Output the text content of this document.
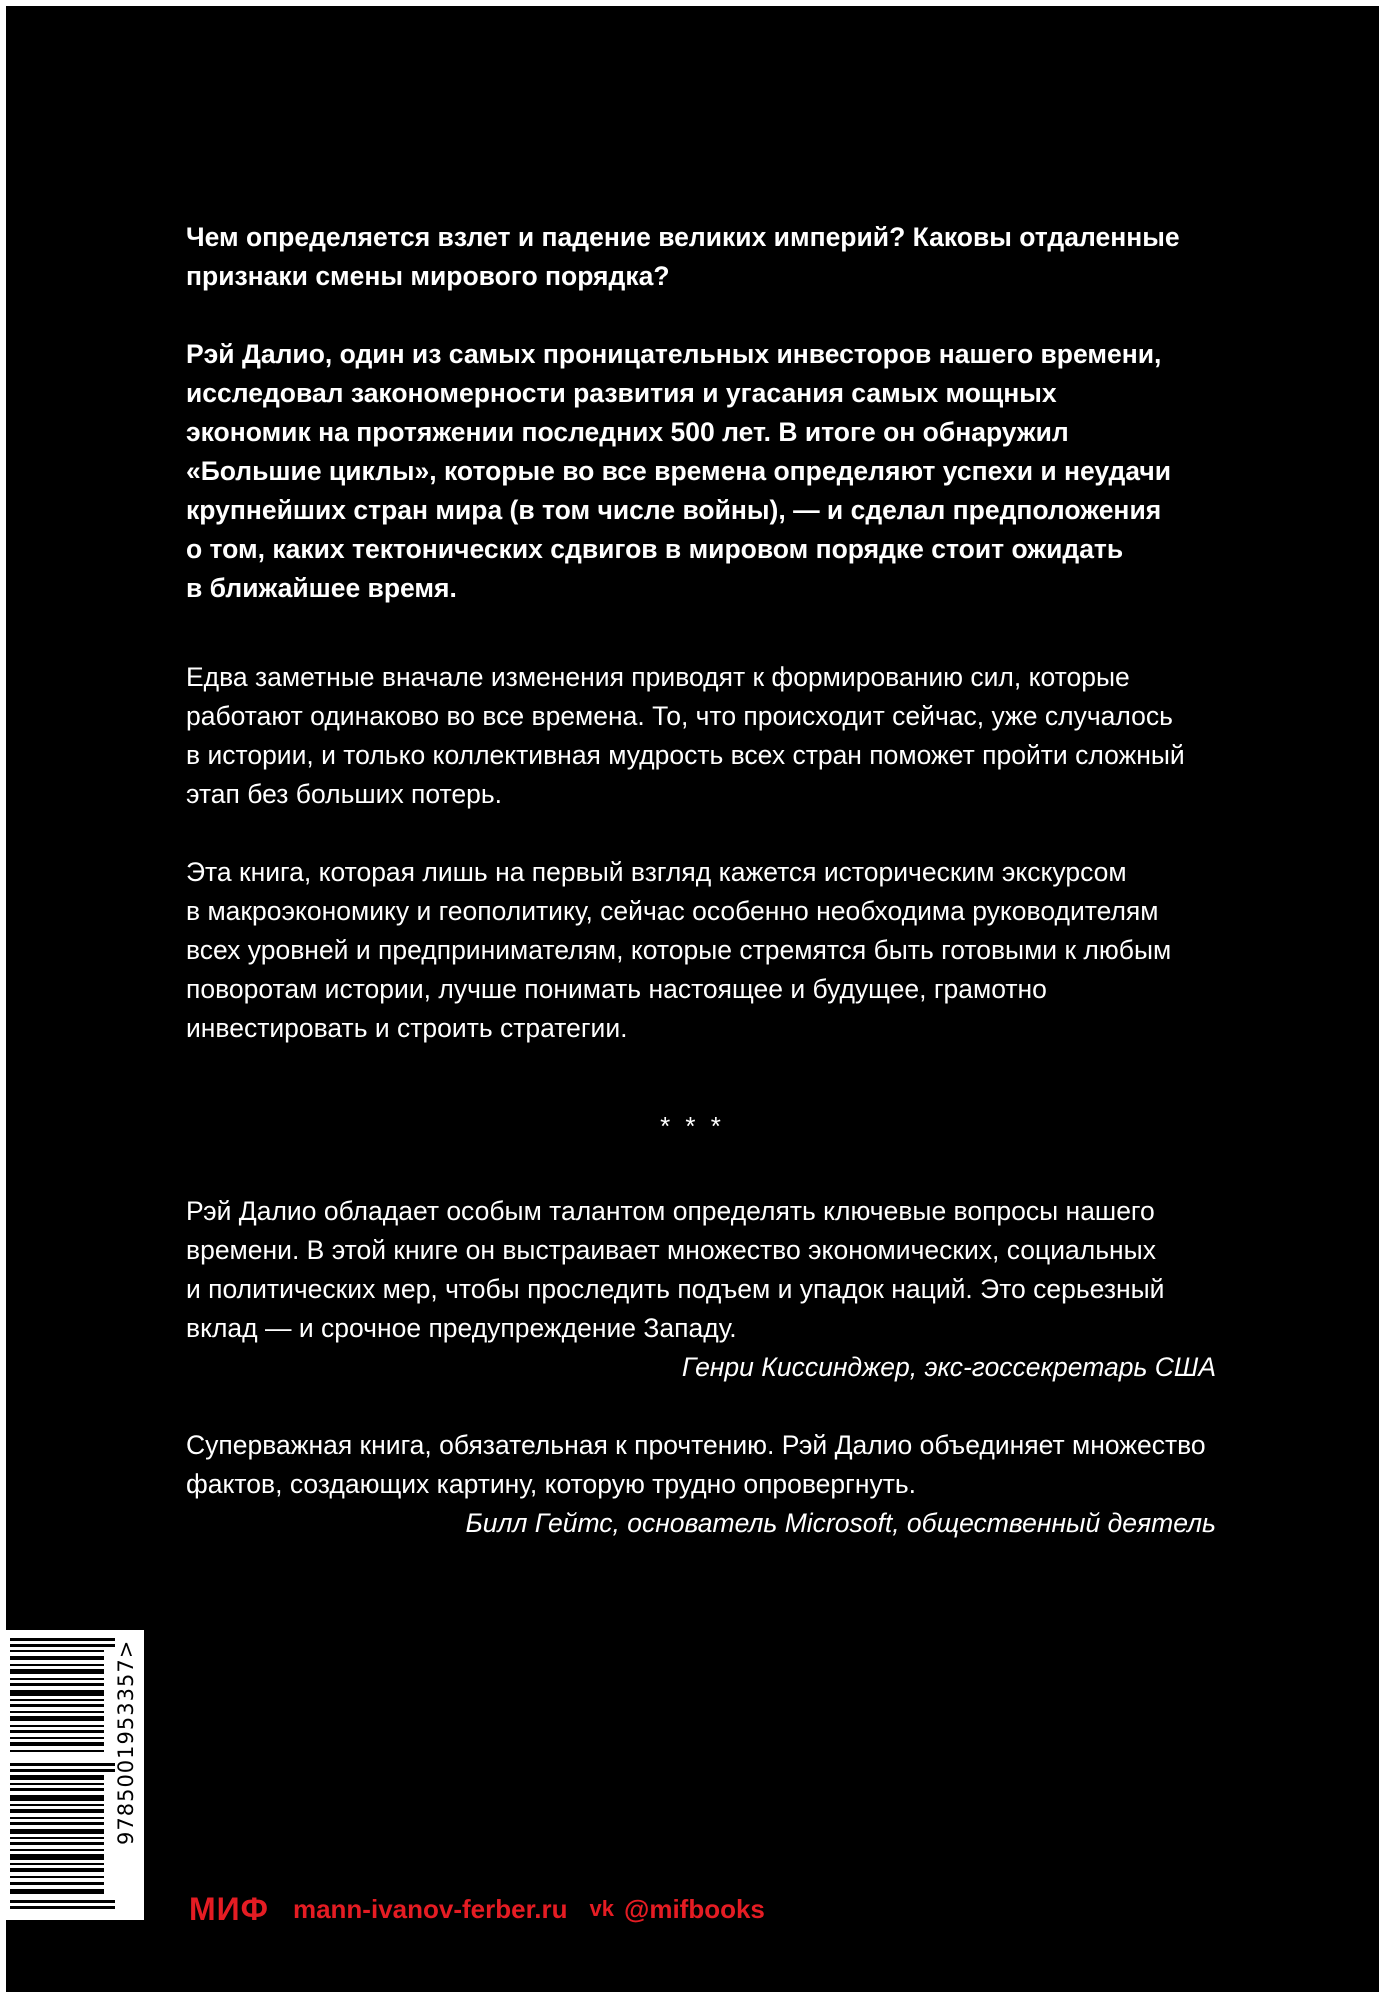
Чем определяется взлет и падение великих империй? Каковы отдаленные
признаки смены мирового порядка?

Рэй Далио, один из самых проницательных инвесторов нашего времени,
исследовал закономерности развития и угасания самых мощных
экономик на протяжении последних 500 лет. В итоге он обнаружил
«Большие циклы», которые во все времена определяют успехи и неудачи
крупнейших стран мира (в том числе войны), — и сделал предположения
о том, каких тектонических сдвигов в мировом порядке стоит ожидать
в ближайшее время.

Едва заметные вначале изменения приводят к формированию сил, которые
работают одинаково во все времена. То, что происходит сейчас, уже случалось
в истории, и только коллективная мудрость всех стран поможет пройти сложный
этап без больших потерь.

Эта книга, которая лишь на первый взгляд кажется историческим экскурсом
в макроэкономику и геополитику, сейчас особенно необходима руководителям
всех уровней и предпринимателям, которые стремятся быть готовыми к любым
поворотам истории, лучше понимать настоящее и будущее, грамотно
инвестировать и строить стратегии.

* * *

Рэй Далио обладает особым талантом определять ключевые вопросы нашего
времени. В этой книге он выстраивает множество экономических, социальных
и политических мер, чтобы проследить подъем и упадок наций. Это серьезный
вклад — и срочное предупреждение Западу.

Генри Киссинджер, экс-госсекретарь США

Суперважная книга, обязательная к прочтению. Рэй Далио объединяет множество
фактов, создающих картину, которую трудно опровергнуть.

Билл Гейтс, основатель Microsoft, общественный деятель

9785001953357>
МИФ mann-ivanov-ferber.ru vk @mifbooks
